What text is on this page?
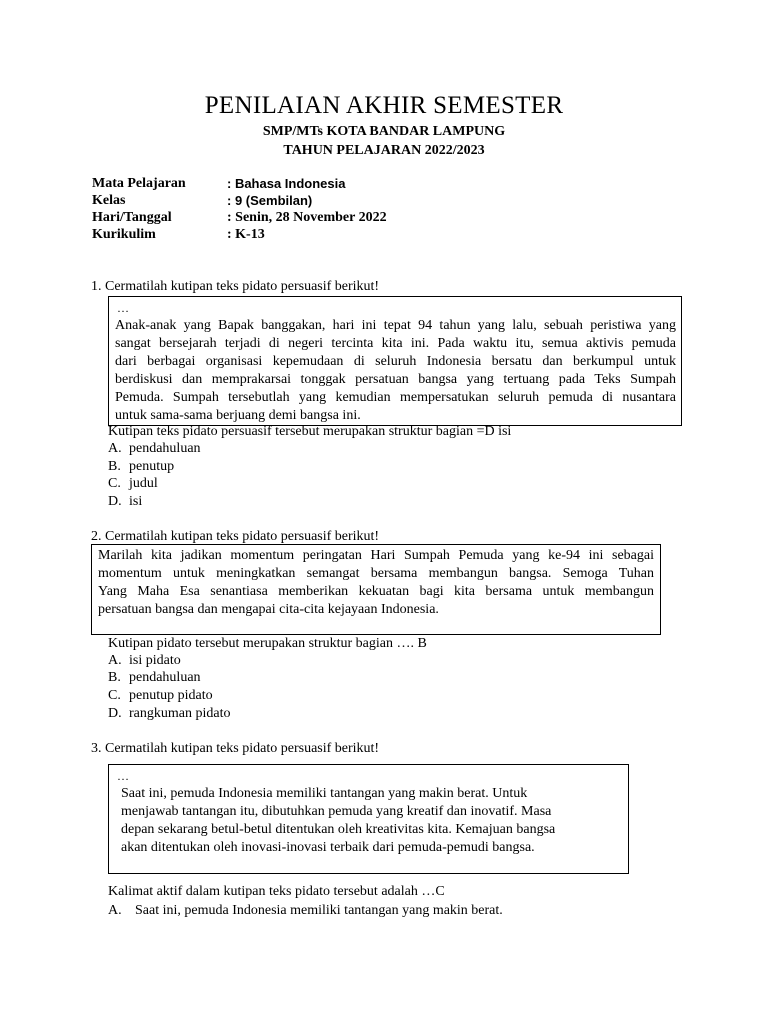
PENILAIAN AKHIR SEMESTER
SMP/MTs KOTA BANDAR LAMPUNG
TAHUN PELAJARAN 2022/2023
Mata Pelajaran	: Bahasa Indonesia
Kelas	: 9 (Sembilan)
Hari/Tanggal	: Senin, 28 November 2022
Kurikulim	: K-13
1. Cermatilah kutipan teks pidato persuasif berikut!
…
Anak-anak yang Bapak banggakan, hari ini tepat 94 tahun yang lalu, sebuah peristiwa yang
sangat bersejarah terjadi di negeri tercinta kita ini. Pada waktu itu, semua aktivis pemuda
dari berbagai organisasi kepemudaan di seluruh Indonesia bersatu dan berkumpul untuk
berdiskusi dan memprakarsai tonggak persatuan bangsa yang tertuang pada Teks Sumpah
Pemuda. Sumpah tersebutlah yang kemudian mempersatukan seluruh pemuda di nusantara
untuk sama-sama berjuang demi bangsa ini.
Kutipan teks pidato persuasif tersebut merupakan struktur bagian =D isi
A. pendahuluan
B. penutup
C. judul
D. isi
2. Cermatilah kutipan teks pidato persuasif berikut!
Marilah kita jadikan momentum peringatan Hari Sumpah Pemuda yang ke-94 ini sebagai
momentum untuk meningkatkan semangat bersama membangun bangsa. Semoga Tuhan
Yang Maha Esa senantiasa memberikan kekuatan bagi kita bersama untuk membangun
persatuan bangsa dan mengapai cita-cita kejayaan Indonesia.
Kutipan pidato tersebut merupakan struktur bagian …. B
A. isi pidato
B. pendahuluan
C. penutup pidato
D. rangkuman pidato
3. Cermatilah kutipan teks pidato persuasif berikut!
…
Saat ini, pemuda Indonesia memiliki tantangan yang makin berat. Untuk
menjawab tantangan itu, dibutuhkan pemuda yang kreatif dan inovatif. Masa
depan sekarang betul-betul ditentukan oleh kreativitas kita. Kemajuan bangsa
akan ditentukan oleh inovasi-inovasi terbaik dari pemuda-pemudi bangsa.
Kalimat aktif dalam kutipan teks pidato tersebut adalah …C
A. Saat ini, pemuda Indonesia memiliki tantangan yang makin berat.
